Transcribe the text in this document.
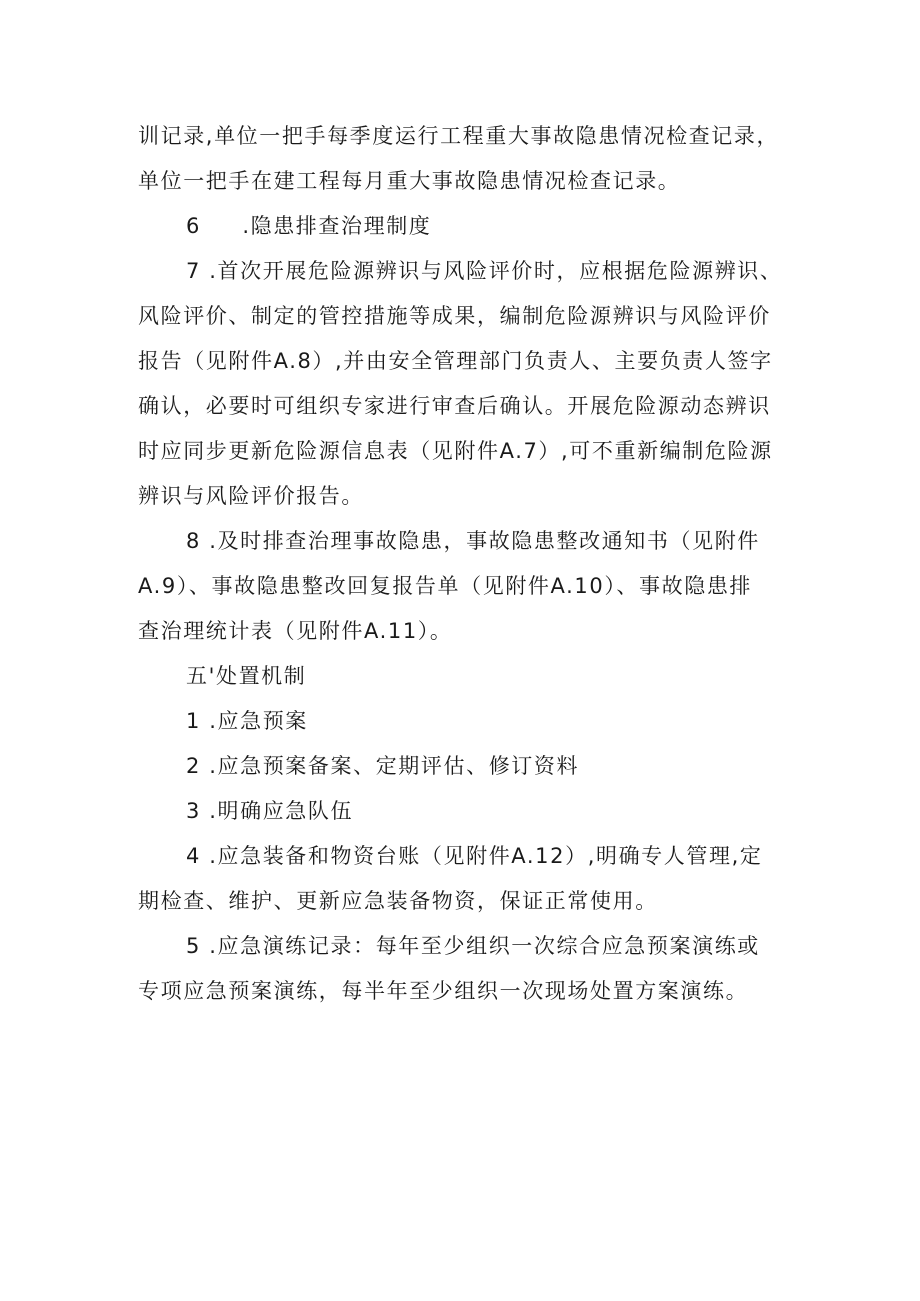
训记录,单位一把手每季度运行工程重大事故隐患情况检查记录，
单位一把手在建工程每月重大事故隐患情况检查记录。
6     .隐患排查治理制度
7 .首次开展危险源辨识与风险评价时，应根据危险源辨识、
风险评价、制定的管控措施等成果，编制危险源辨识与风险评价
报告（见附件A.8）,并由安全管理部门负责人、主要负责人签字
确认，必要时可组织专家进行审查后确认。开展危险源动态辨识
时应同步更新危险源信息表（见附件A.7）,可不重新编制危险源
辨识与风险评价报告。
8 .及时排查治理事故隐患，事故隐患整改通知书（见附件
A.9）、事故隐患整改回复报告单（见附件A.10）、事故隐患排
查治理统计表（见附件A.11）。
五'处置机制
1 .应急预案
2 .应急预案备案、定期评估、修订资料
3 .明确应急队伍
4 .应急装备和物资台账（见附件A.12）,明确专人管理,定
期检查、维护、更新应急装备物资，保证正常使用。
5 .应急演练记录：每年至少组织一次综合应急预案演练或
专项应急预案演练，每半年至少组织一次现场处置方案演练。
